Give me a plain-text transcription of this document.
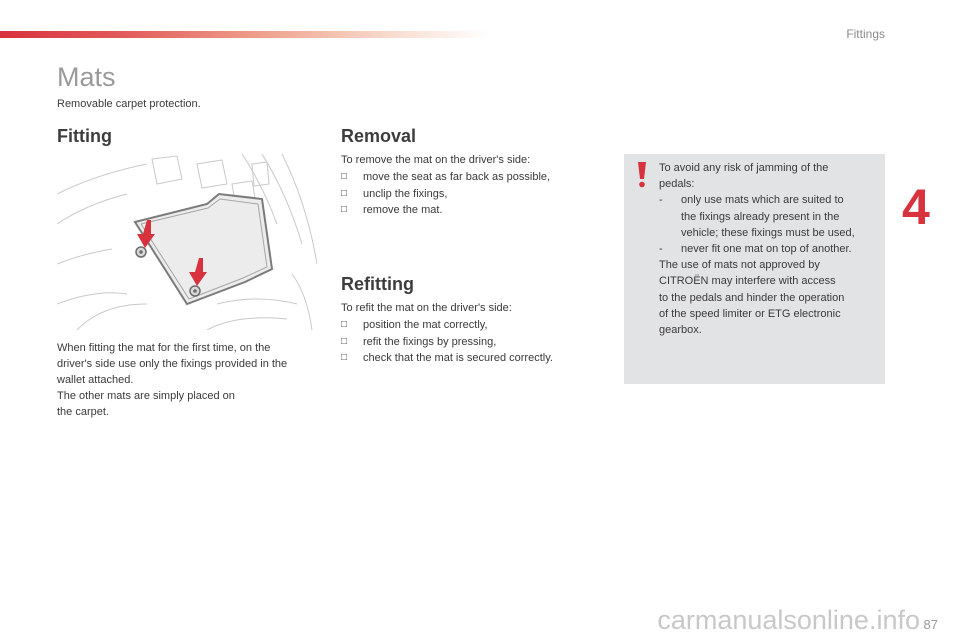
Fittings
Mats
Removable carpet protection.
Fitting	Removal
Refitting
When fitting the mat for the first time, on the
driver's side use only the fixings provided in the
wallet attached.
The other mats are simply placed on
the carpet.
To remove the mat on the driver's side:
□ move the seat as far back as possible,
□ unclip the fixings,
□ remove the mat.
To refit the mat on the driver's side:
□ position the mat correctly,
□ refit the fixings by pressing,
□ check that the mat is secured correctly.
To avoid any risk of jamming of the
pedals:
- only use mats which are suited to
the fixings already present in the
vehicle; these fixings must be used,
- never fit one mat on top of another.
The use of mats not approved by
CITROËN may interfere with access
to the pedals and hinder the operation
of the speed limiter or ETG electronic
gearbox.
4
87
carmanualsonline.info
